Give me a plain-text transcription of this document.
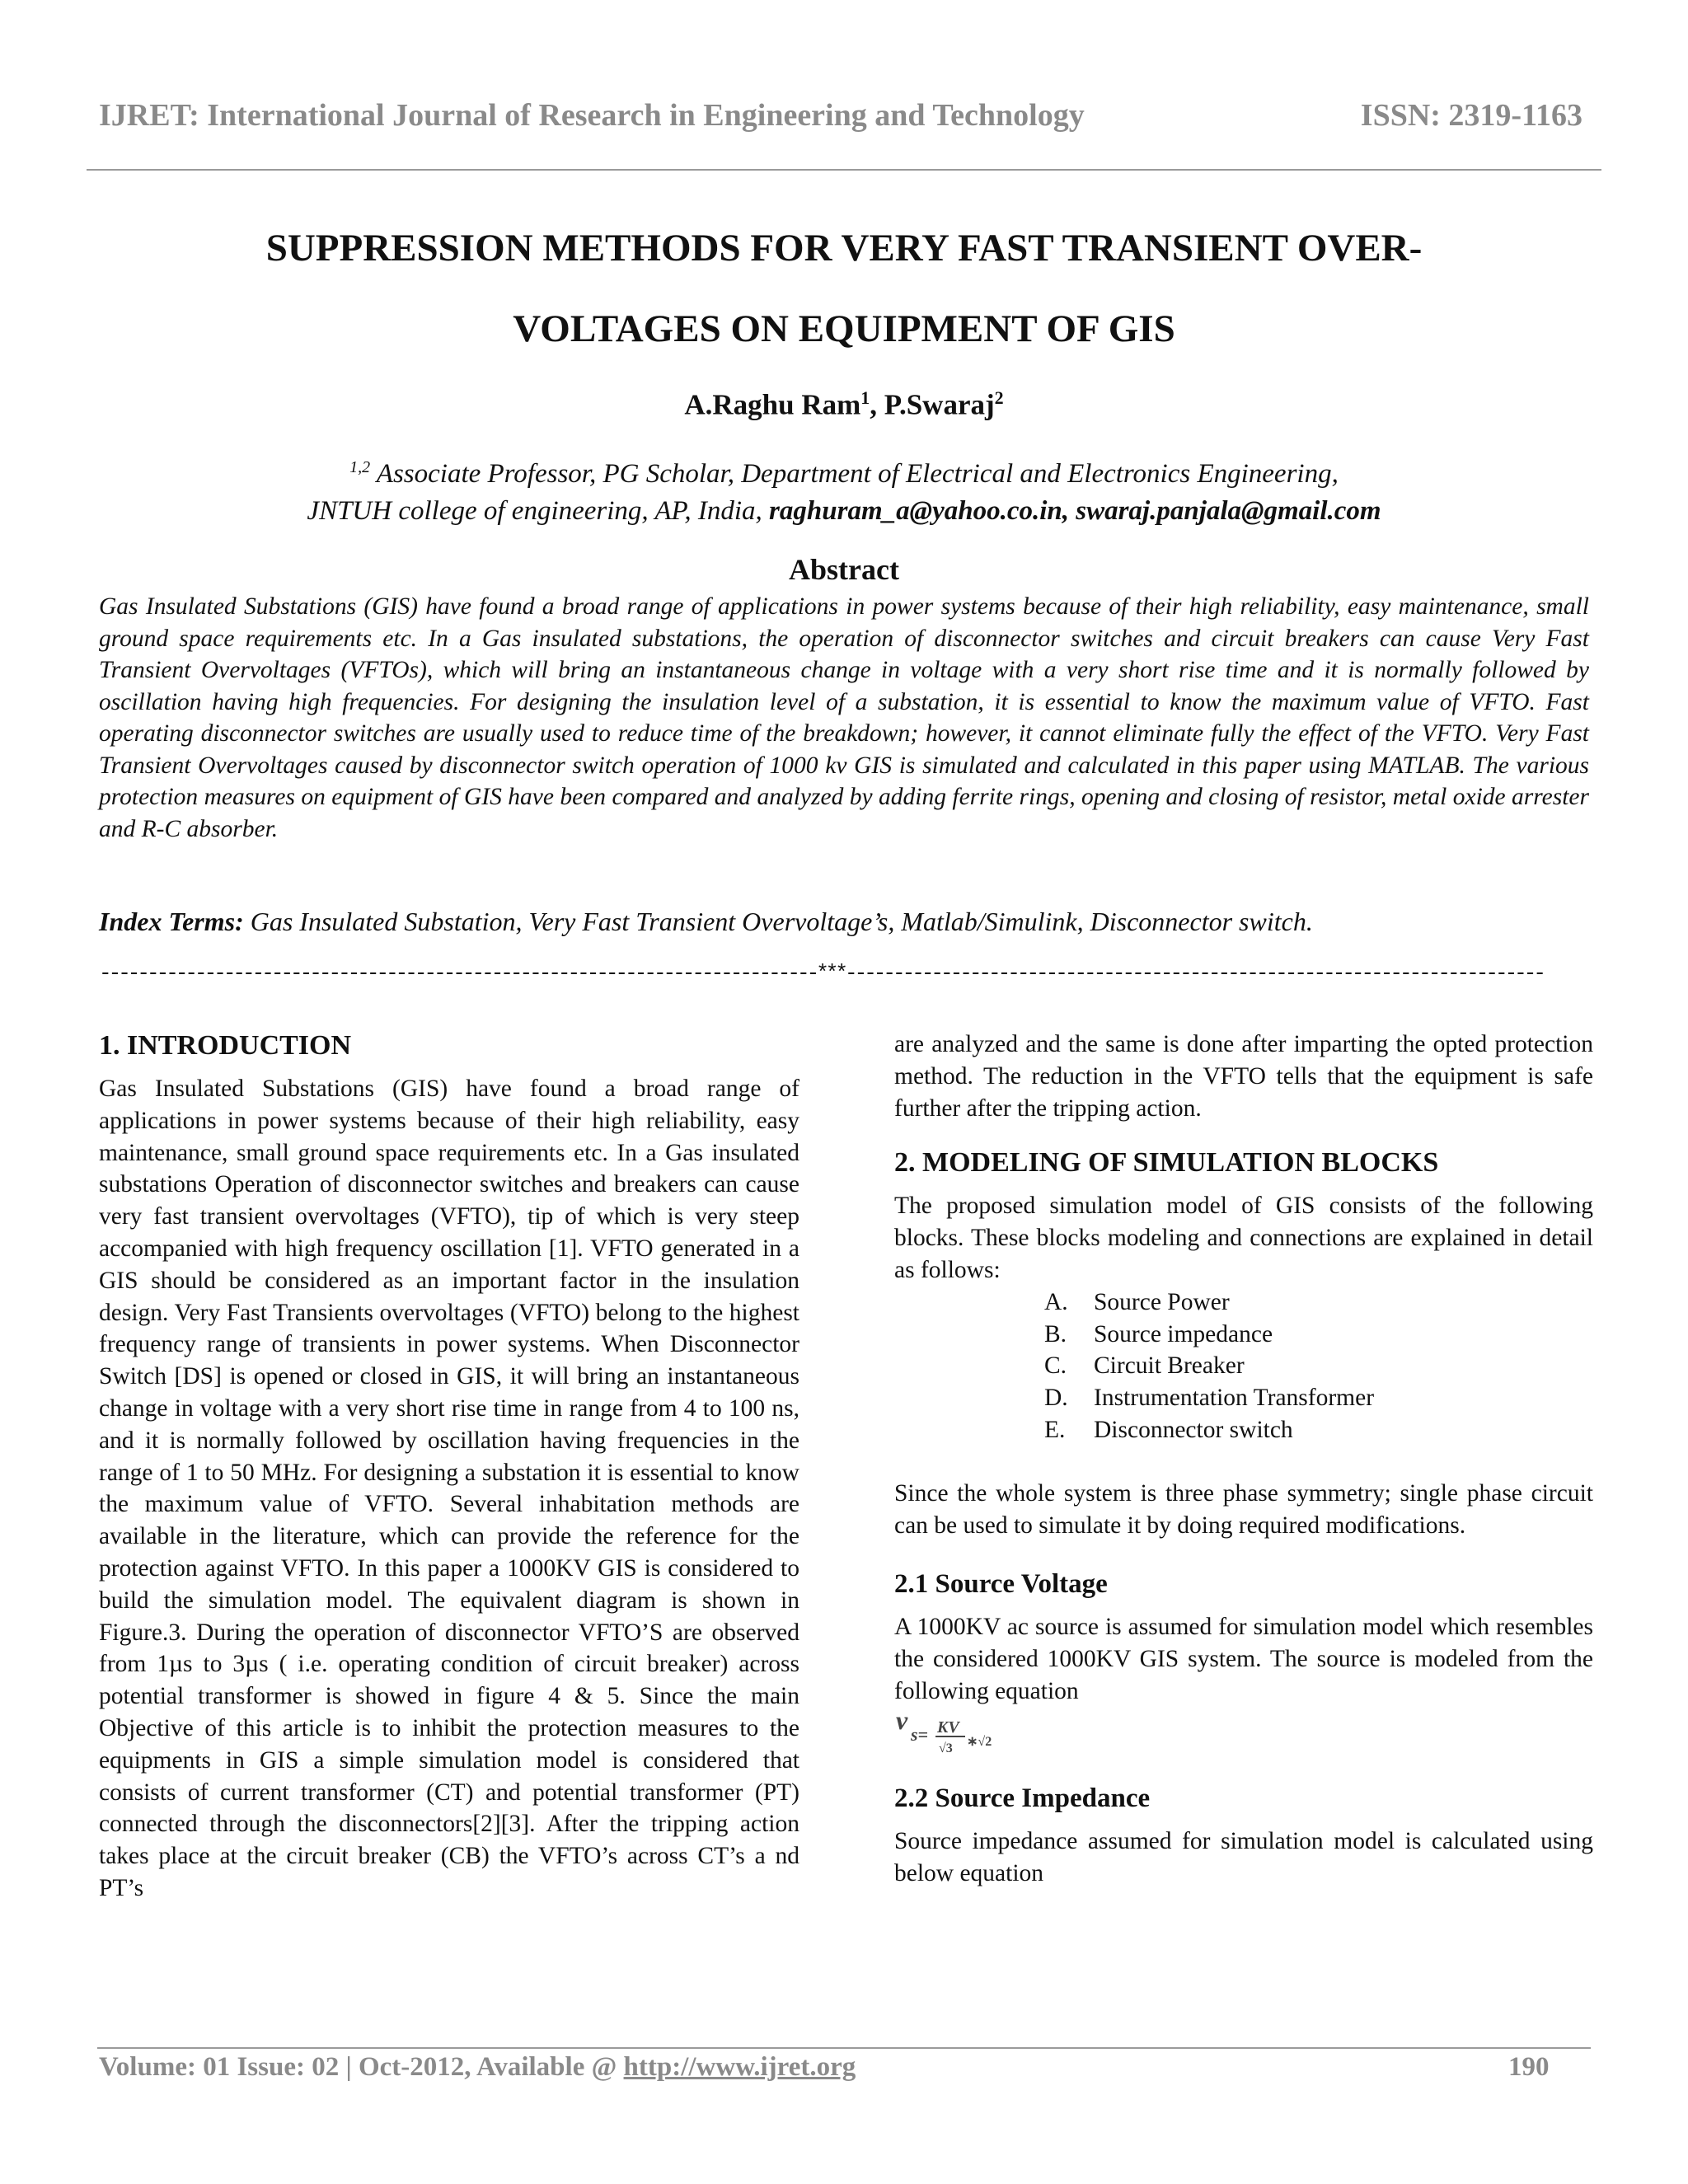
IJRET: International Journal of Research in Engineering and Technology	ISSN: 2319-1163
SUPPRESSION METHODS FOR VERY FAST TRANSIENT OVER-
VOLTAGES ON EQUIPMENT OF GIS
A.Raghu Ram$^1$, P.Swaraj$^2$
$^{1,2}$ Associate Professor, PG Scholar, Department of Electrical and Electronics Engineering,
JNTUH college of engineering, AP, India, raghuram_a@yahoo.co.in, swaraj.panjala@gmail.com
Abstract
Gas Insulated Substations (GIS) have found a broad range of applications in power systems because of their high reliability, easy maintenance, small ground space requirements etc. In a Gas insulated substations, the operation of disconnector switches and circuit breakers can cause Very Fast Transient Overvoltages (VFTOs), which will bring an instantaneous change in voltage with a very short rise time and it is normally followed by oscillation having high frequencies. For designing the insulation level of a substation, it is essential to know the maximum value of VFTO. Fast operating disconnector switches are usually used to reduce time of the breakdown; however, it cannot eliminate fully the effect of the VFTO. Very Fast Transient Overvoltages caused by disconnector switch operation of 1000 kv GIS is simulated and calculated in this paper using MATLAB. The various protection measures on equipment of GIS have been compared and analyzed by adding ferrite rings, opening and closing of resistor, metal oxide arrester and R-C absorber.
Index Terms: Gas Insulated Substation, Very Fast Transient Overvoltage’s, Matlab/Simulink, Disconnector switch.
---------------------------------------------------------------------------***-------------------------------------------------------------------------

1. INTRODUCTION

Gas Insulated Substations (GIS) have found a broad range of applications in power systems because of their high reliability, easy maintenance, small ground space requirements etc. In a Gas insulated substations Operation of disconnector switches and breakers can cause very fast transient overvoltages (VFTO), tip of which is very steep accompanied with high frequency oscillation [1]. VFTO generated in a GIS should be considered as an important factor in the insulation design. Very Fast Transients overvoltages (VFTO) belong to the highest frequency range of transients in power systems. When Disconnector Switch [DS] is opened or closed in GIS, it will bring an instantaneous change in voltage with a very short rise time in range from 4 to 100 ns, and it is normally followed by oscillation having frequencies in the range of 1 to 50 MHz. For designing a substation it is essential to know the maximum value of VFTO. Several inhabitation methods are available in the literature, which can provide the reference for the protection against VFTO. In this paper a 1000KV GIS is considered to build the simulation model. The equivalent diagram is shown in Figure.3. During the operation of disconnector VFTO’S are observed from 1µs to 3µs ( i.e. operating condition of circuit breaker) across potential transformer is showed in figure 4 & 5. Since the main Objective of this article is to inhibit the protection measures to the equipments in GIS a simple simulation model is considered that consists of current transformer (CT) and potential transformer (PT) connected through the disconnectors[2][3]. After the tripping action takes place at the circuit breaker (CB) the VFTO’s across CT’s a nd PT’s

are analyzed and the same is done after imparting the opted protection method. The reduction in the VFTO tells that the equipment is safe further after the tripping action.

2. MODELING OF SIMULATION BLOCKS

The proposed simulation model of GIS consists of the following blocks. These blocks modeling and connections are explained in detail as follows:

A.	Source Power
B.	Source impedance
C.	Circuit Breaker
D.	Instrumentation Transformer
E.	Disconnector switch

Since the whole system is three phase symmetry; single phase circuit can be used to simulate it by doing required modifications.

2.1 Source Voltage

A 1000KV ac source is assumed for simulation model which resembles the considered 1000KV GIS system. The source is modeled from the following equation

v s= KV
√3 ∗√2

2.2 Source Impedance

Source impedance assumed for simulation model is calculated using below equation

Volume: 01 Issue: 02 | Oct-2012, Available @ http://www.ijret.org	190
